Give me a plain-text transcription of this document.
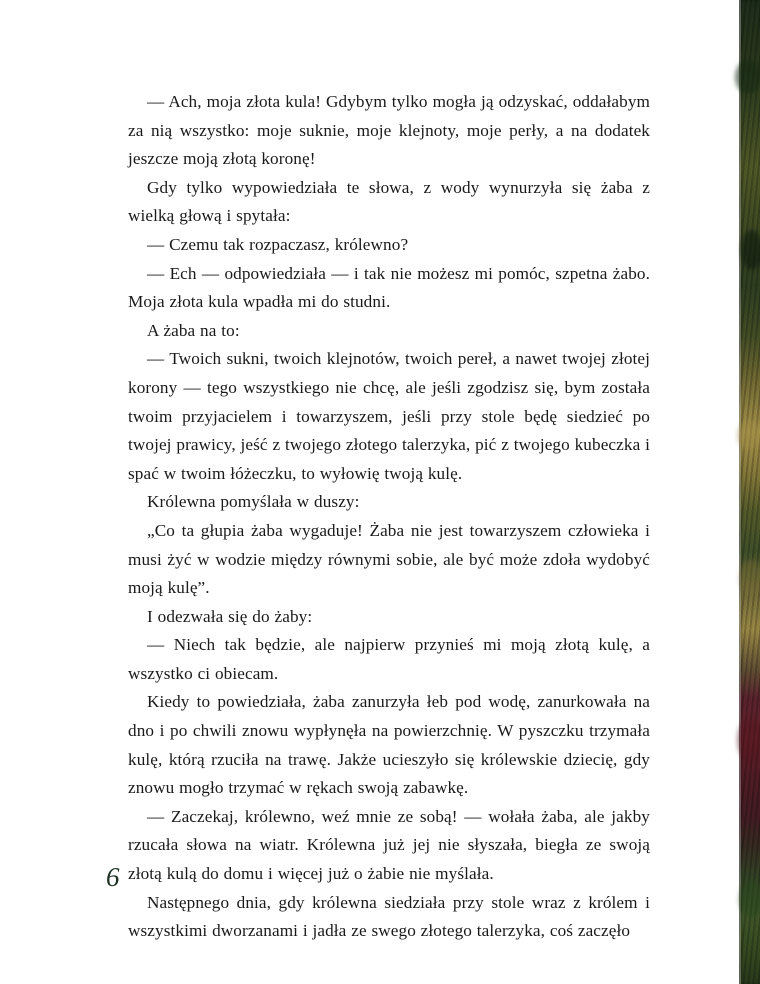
— Ach, moja złota kula! Gdybym tylko mogła ją odzyskać, oddałabym za nią wszystko: moje suknie, moje klejnoty, moje perły, a na dodatek jeszcze moją złotą koronę!

Gdy tylko wypowiedziała te słowa, z wody wynurzyła się żaba z wielką głową i spytała:

— Czemu tak rozpaczasz, królewno?

— Ech — odpowiedziała — i tak nie możesz mi pomóc, szpetna żabo. Moja złota kula wpadła mi do studni.

A żaba na to:

— Twoich sukni, twoich klejnotów, twoich pereł, a nawet twojej złotej korony — tego wszystkiego nie chcę, ale jeśli zgodzisz się, bym została twoim przyjacielem i towarzyszem, jeśli przy stole będę siedzieć po twojej prawicy, jeść z twojego złotego talerzyka, pić z twojego kubeczka i spać w twoim łóżeczku, to wyłowię twoją kulę.

Królewna pomyślała w duszy:

„Co ta głupia żaba wygaduje! Żaba nie jest towarzyszem człowieka i musi żyć w wodzie między równymi sobie, ale być może zdoła wydobyć moją kulę”.

I odezwała się do żaby:

— Niech tak będzie, ale najpierw przynieś mi moją złotą kulę, a wszystko ci obiecam.

Kiedy to powiedziała, żaba zanurzyła łeb pod wodę, zanurkowała na dno i po chwili znowu wypłynęła na powierzchnię. W pyszczku trzymała kulę, którą rzuciła na trawę. Jakże ucieszyło się królewskie dziecię, gdy znowu mogło trzymać w rękach swoją zabawkę.

— Zaczekaj, królewno, weź mnie ze sobą! — wołała żaba, ale jakby rzucała słowa na wiatr. Królewna już jej nie słyszała, biegła ze swoją złotą kulą do domu i więcej już o żabie nie myślała.

Następnego dnia, gdy królewna siedziała przy stole wraz z królem i wszystkimi dworzanami i jadła ze swego złotego talerzyka, coś zaczęło

6
